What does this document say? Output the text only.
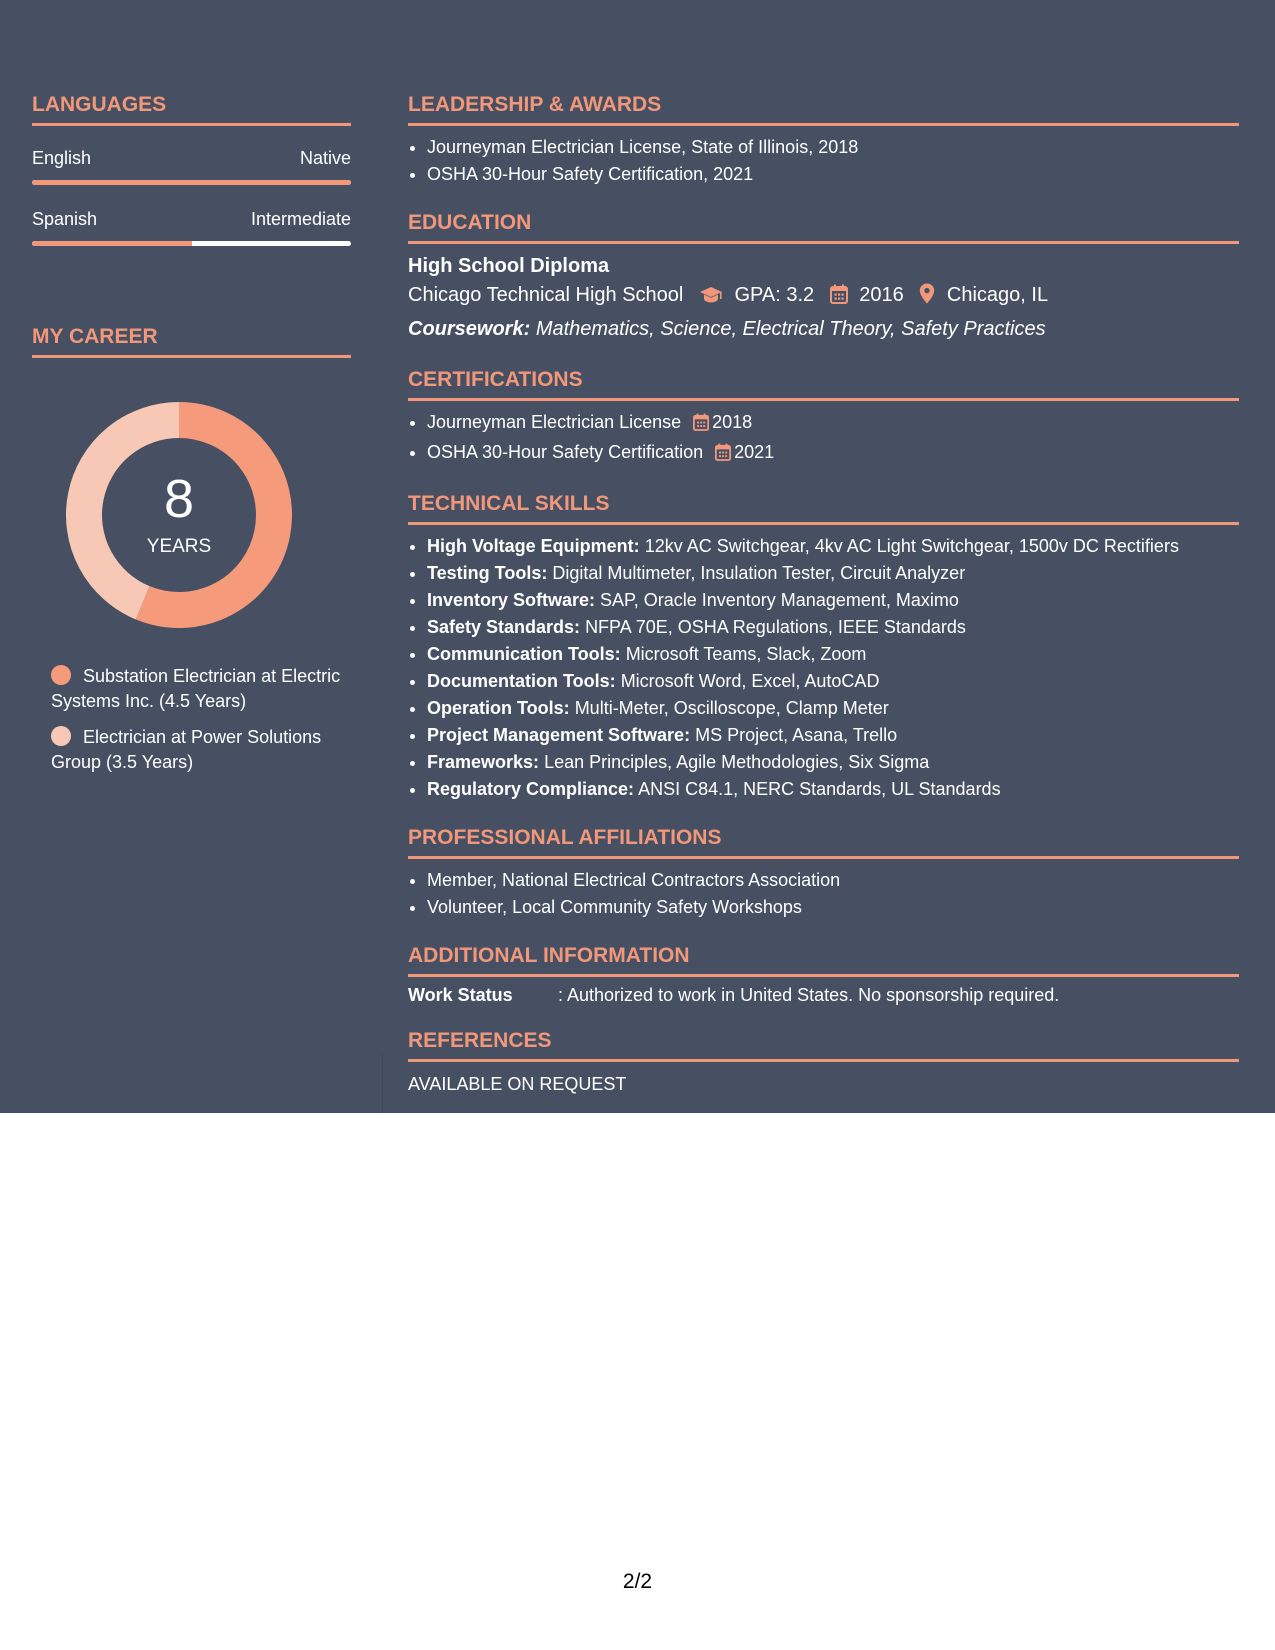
LANGUAGES
English	Native
Spanish	Intermediate
MY CAREER
8
YEARS
Substation Electrician at Electric Systems Inc. (4.5 Years)
Electrician at Power Solutions Group (3.5 Years)
LEADERSHIP & AWARDS
• Journeyman Electrician License, State of Illinois, 2018
• OSHA 30-Hour Safety Certification, 2021
EDUCATION
High School Diploma
Chicago Technical High School	GPA: 3.2 2016 Chicago, IL
Coursework: Mathematics, Science, Electrical Theory, Safety Practices
CERTIFICATIONS
• Journeyman Electrician License 2018
• OSHA 30-Hour Safety Certification 2021
TECHNICAL SKILLS
• High Voltage Equipment: 12kv AC Switchgear, 4kv AC Light Switchgear, 1500v DC Rectifiers
• Testing Tools: Digital Multimeter, Insulation Tester, Circuit Analyzer
• Inventory Software: SAP, Oracle Inventory Management, Maximo
• Safety Standards: NFPA 70E, OSHA Regulations, IEEE Standards
• Communication Tools: Microsoft Teams, Slack, Zoom
• Documentation Tools: Microsoft Word, Excel, AutoCAD
• Operation Tools: Multi-Meter, Oscilloscope, Clamp Meter
• Project Management Software: MS Project, Asana, Trello
• Frameworks: Lean Principles, Agile Methodologies, Six Sigma
• Regulatory Compliance: ANSI C84.1, NERC Standards, UL Standards
PROFESSIONAL AFFILIATIONS
• Member, National Electrical Contractors Association
• Volunteer, Local Community Safety Workshops
ADDITIONAL INFORMATION
Work Status	: Authorized to work in United States. No sponsorship required.
REFERENCES
AVAILABLE ON REQUEST
2/2
